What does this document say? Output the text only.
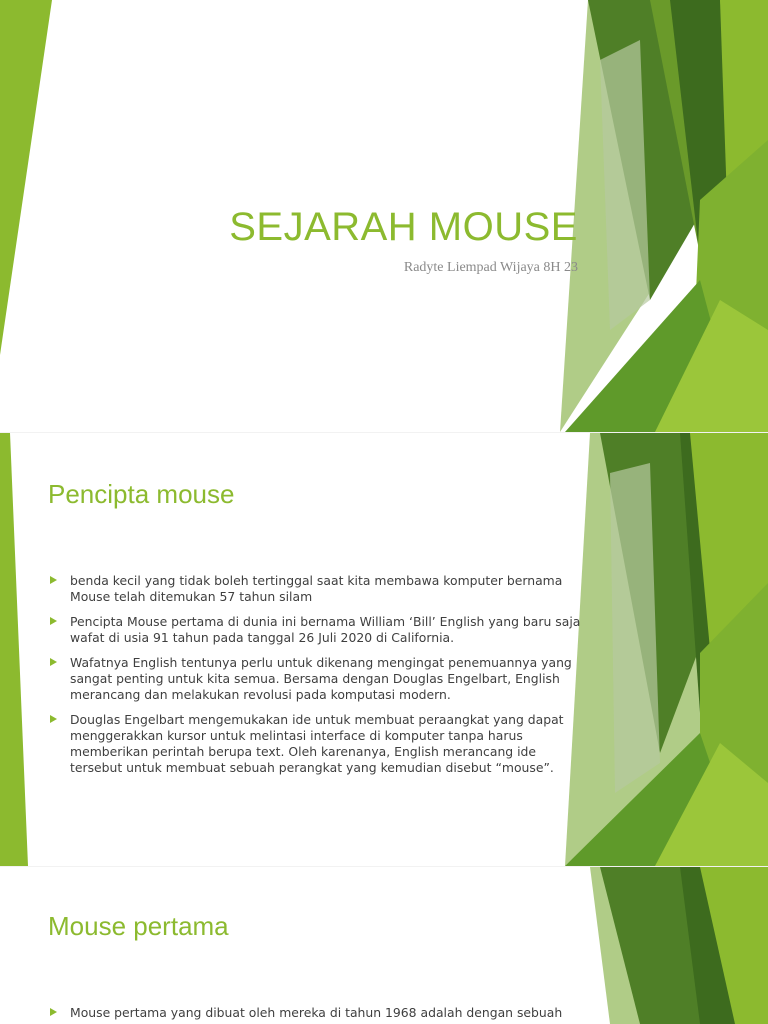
SEJARAH MOUSE

Radyte Liempad Wijaya 8H 23

Pencipta mouse
benda kecil yang tidak boleh tertinggal saat kita membawa komputer bernama Mouse telah ditemukan 57 tahun silam
Pencipta Mouse pertama di dunia ini bernama William ‘Bill’ English yang baru saja wafat di usia 91 tahun pada tanggal 26 Juli 2020 di California.
Wafatnya English tentunya perlu untuk dikenang mengingat penemuannya yang sangat penting untuk kita semua. Bersama dengan Douglas Engelbart, English merancang dan melakukan revolusi pada komputasi modern.
Douglas Engelbart mengemukakan ide untuk membuat peraangkat yang dapat menggerakkan kursor untuk melintasi interface di komputer tanpa harus memberikan perintah berupa text. Oleh karenanya, English merancang ide tersebut untuk membuat sebuah perangkat yang kemudian disebut “mouse”.
Mouse pertama
Mouse pertama yang dibuat oleh mereka di tahun 1968 adalah dengan sebuah
